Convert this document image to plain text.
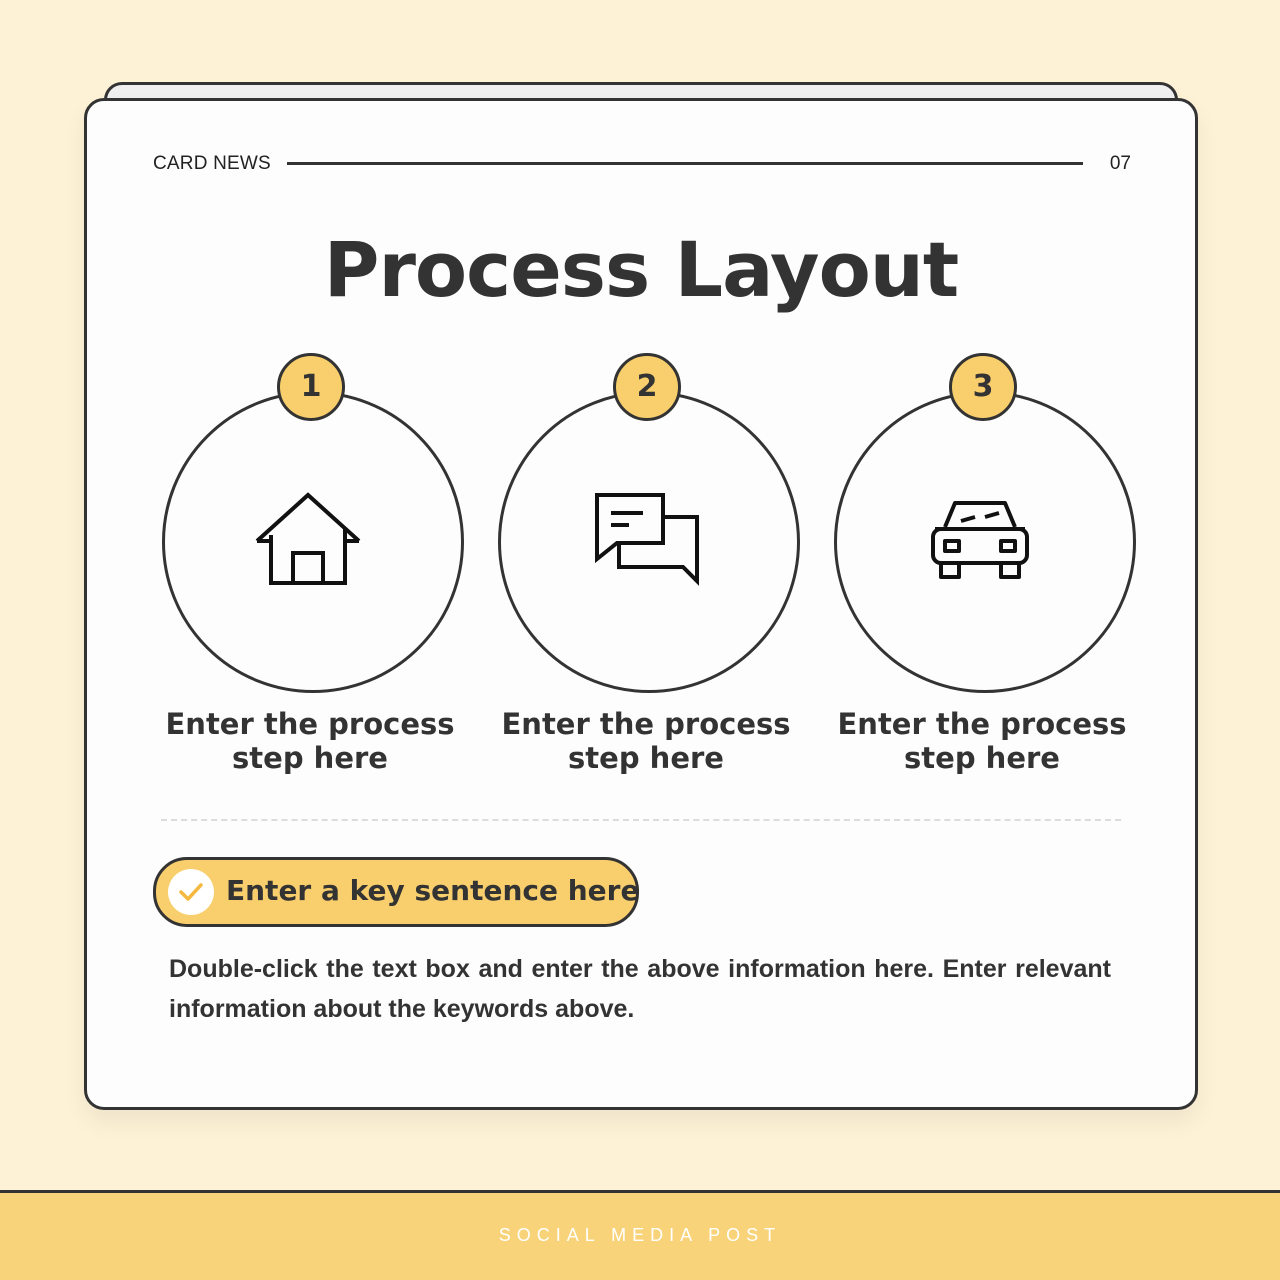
CARD NEWS	07
Process Layout
1
Enter the process step here
2
Enter the process step here
3
Enter the process step here
Enter a key sentence here

Double-click the text box and enter the above information here. Enter relevant information about the keywords above.

SOCIAL MEDIA POST
